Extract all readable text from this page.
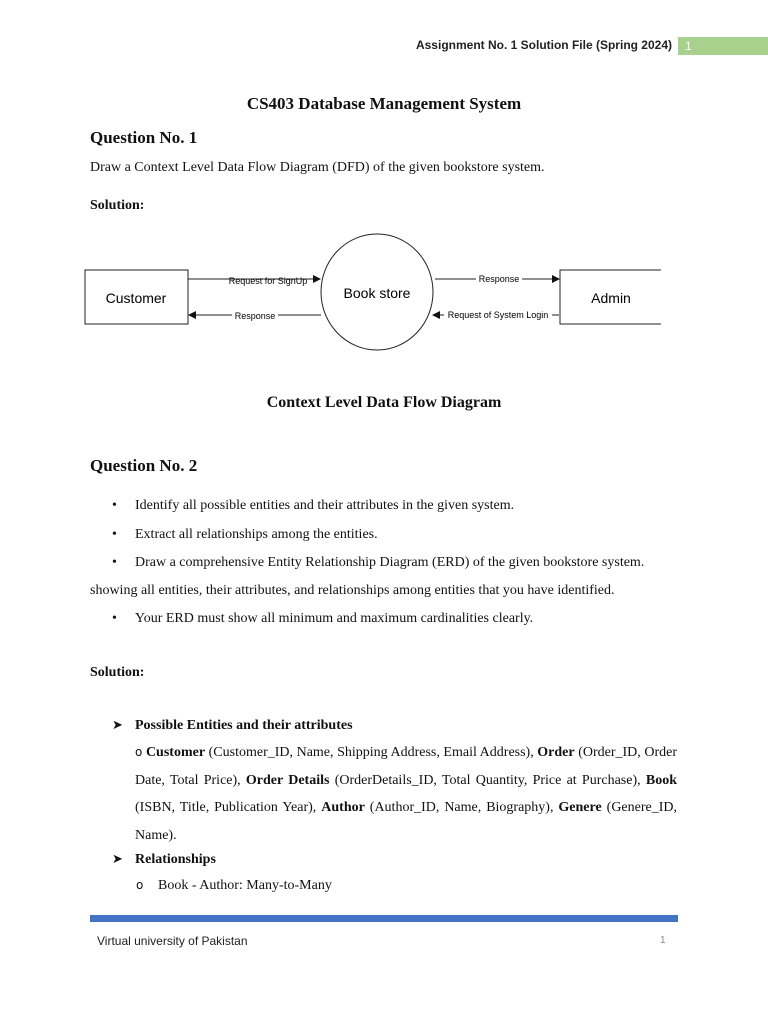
Assignment No. 1 Solution File (Spring 2024)	1
CS403 Database Management System
Question No. 1
Draw a Context Level Data Flow Diagram (DFD) of the given bookstore system.
Solution:
Customer	Book store	Admin
Request for SignUp
Response
Response
Request of System Login
Context Level Data Flow Diagram
Question No. 2
• Identify all possible entities and their attributes in the given system.
• Extract all relationships among the entities.
• Draw a comprehensive Entity Relationship Diagram (ERD) of the given bookstore system.
showing all entities, their attributes, and relationships among entities that you have identified.
• Your ERD must show all minimum and maximum cardinalities clearly.
Solution:
➤ Possible Entities and their attributes
o Customer (Customer_ID, Name, Shipping Address, Email Address), Order (Order_ID, Order Date, Total Price), Order Details (OrderDetails_ID, Total Quantity, Price at Purchase), Book (ISBN, Title, Publication Year), Author (Author_ID, Name, Biography), Genere (Genere_ID, Name).
➤ Relationships
o Book - Author: Many-to-Many
Virtual university of Pakistan	1
